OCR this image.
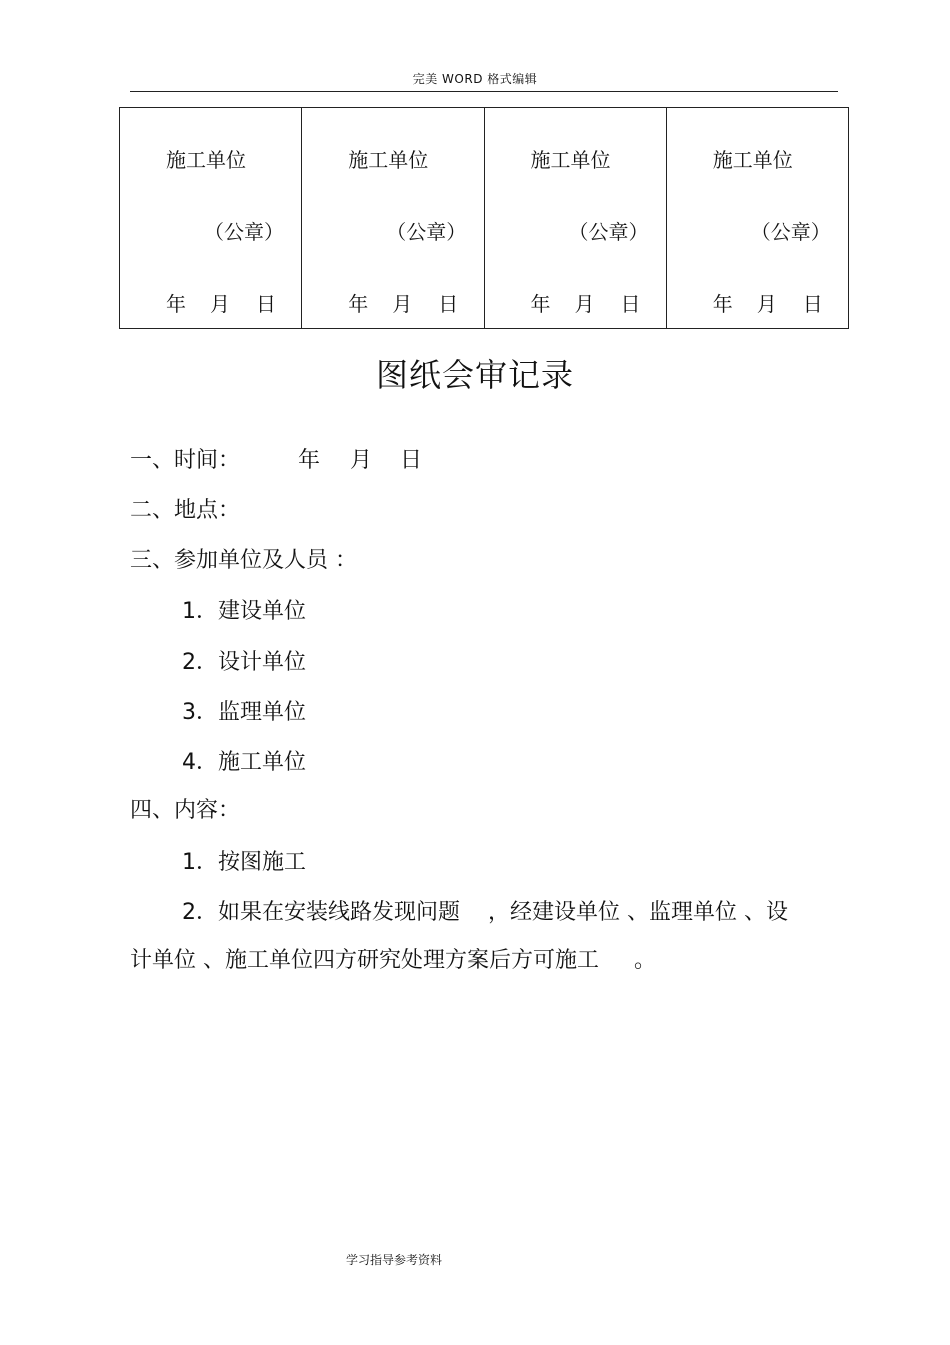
完美 WORD 格式编辑
施工单位
（公章）
年 月 日

施工单位
（公章）
年 月 日

施工单位
（公章）
年 月 日

施工单位
（公章）
年 月 日
图纸会审记录
一、时间：	年 月 日
二、地点：
三、参加单位及人员 ：
1．建设单位
2．设计单位
3．监理单位
4．施工单位
四、内容：
1．按图施工
2．如果在安装线路发现问题    ，经建设单位 、监理单位 、设
计单位 、施工单位四方研究处理方案后方可施工     。
学习指导参考资料
